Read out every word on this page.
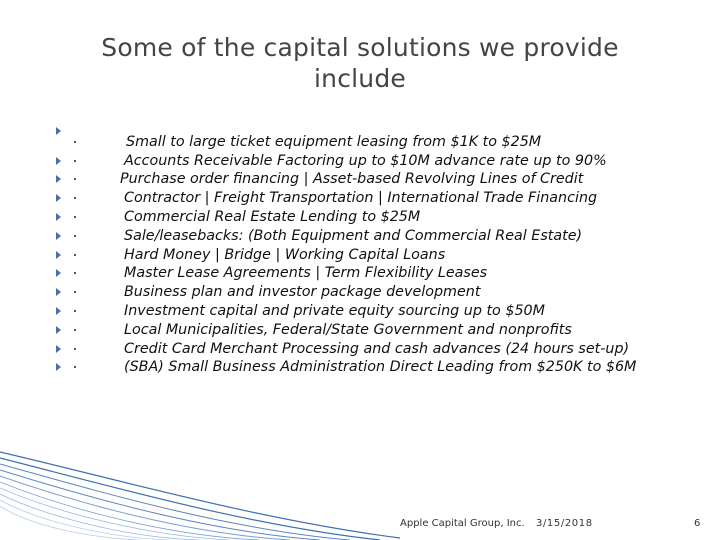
Some of the capital solutions we provide
include
Small to large ticket equipment leasing from $1K to $25M
Accounts Receivable Factoring up to $10M advance rate up to 90%
Purchase order financing | Asset-based Revolving Lines of Credit
Contractor | Freight Transportation | International Trade Financing
Commercial Real Estate Lending to $25M
Sale/leasebacks: (Both Equipment and Commercial Real Estate)
Hard Money | Bridge | Working Capital Loans
Master Lease Agreements | Term Flexibility Leases
Business plan and investor package development
Investment capital and private equity sourcing up to $50M
Local Municipalities, Federal/State Government and nonprofits
Credit Card Merchant Processing and cash advances (24 hours set-up)
(SBA) Small Business Administration Direct Leading from $250K to $6M
Apple Capital Group, Inc. 3/15/2018	6
